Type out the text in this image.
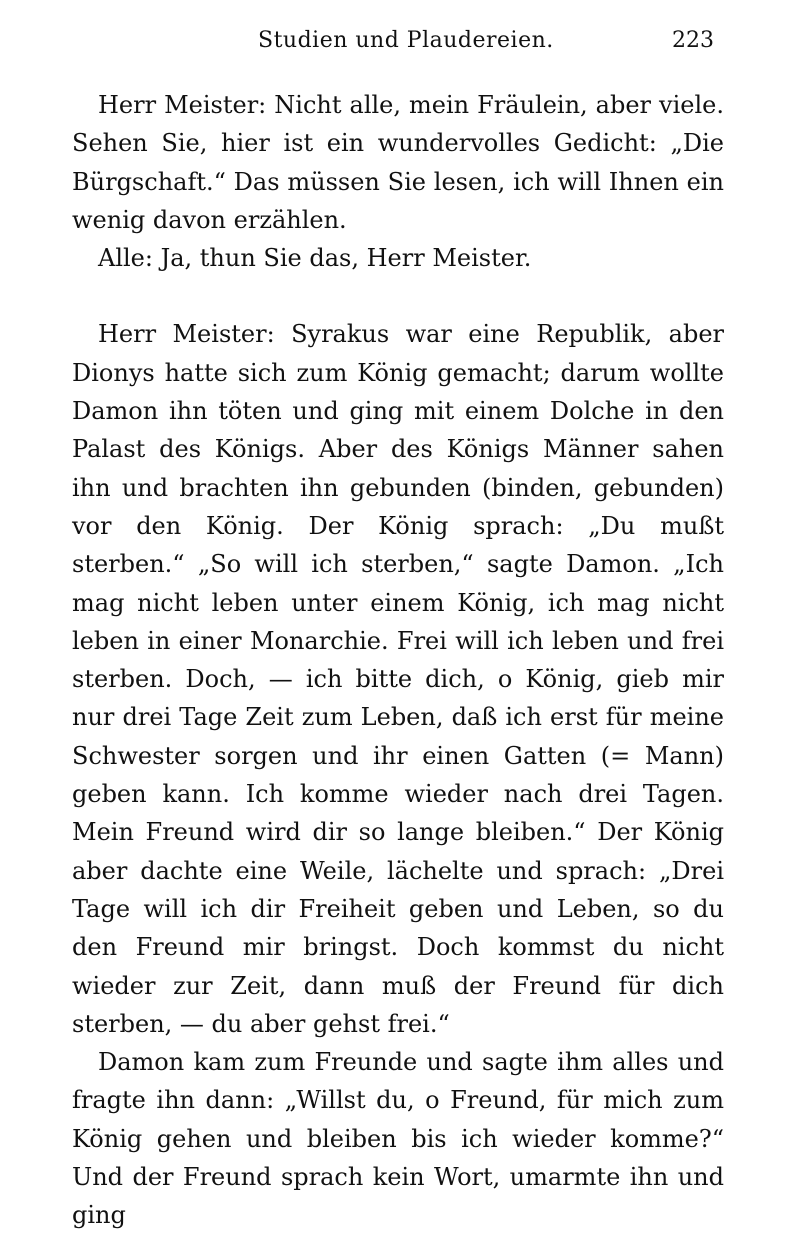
Studien und Plaudereien.	223

Herr Meister: Nicht alle, mein Fräulein, aber viele. Sehen Sie, hier ist ein wundervolles Gedicht: „Die Bürgschaft.“ Das müssen Sie lesen, ich will Ihnen ein wenig davon erzählen.

Alle: Ja, thun Sie das, Herr Meister.

Herr Meister: Syrakus war eine Republik, aber Dionys hatte sich zum König gemacht; darum wollte Damon ihn töten und ging mit einem Dolche in den Palast des Königs. Aber des Königs Männer sahen ihn und brachten ihn gebunden (binden, gebunden) vor den König. Der König sprach: „Du mußt sterben.“ „So will ich sterben,“ sagte Damon. „Ich mag nicht leben unter einem König, ich mag nicht leben in einer Monarchie. Frei will ich leben und frei sterben. Doch, — ich bitte dich, o König, gieb mir nur drei Tage Zeit zum Leben, daß ich erst für meine Schwester sorgen und ihr einen Gatten (= Mann) geben kann. Ich komme wieder nach drei Tagen. Mein Freund wird dir so lange bleiben.“ Der König aber dachte eine Weile, lächelte und sprach: „Drei Tage will ich dir Freiheit geben und Leben, so du den Freund mir bringst. Doch kommst du nicht wieder zur Zeit, dann muß der Freund für dich sterben, — du aber gehst frei.“

Damon kam zum Freunde und sagte ihm alles und fragte ihn dann: „Willst du, o Freund, für mich zum König gehen und bleiben bis ich wieder komme?“ Und der Freund sprach kein Wort, umarmte ihn und ging
